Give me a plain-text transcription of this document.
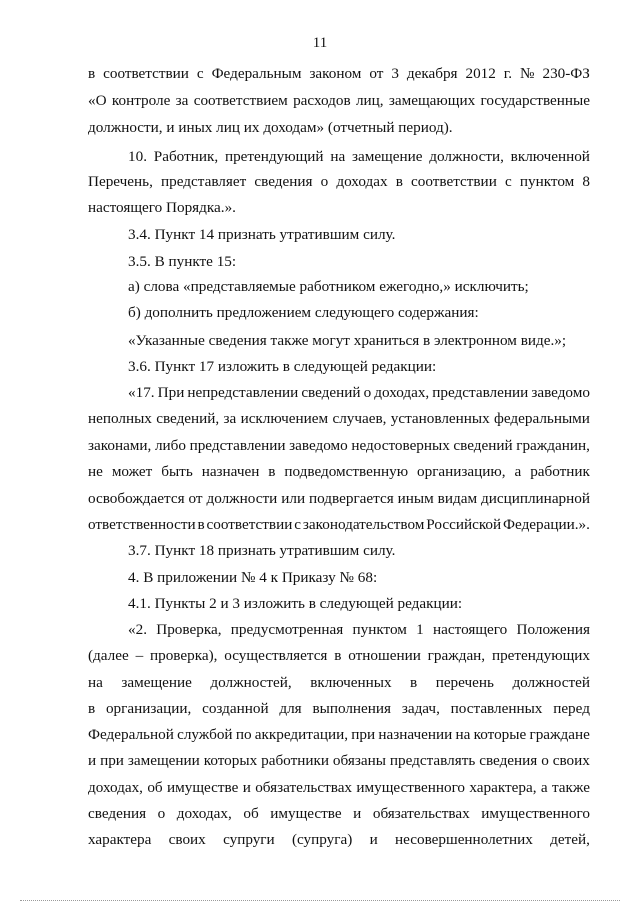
11
в соответствии с Федеральным законом от 3 декабря 2012 г. № 230-ФЗ
«О контроле за соответствием расходов лиц, замещающих государственные
должности, и иных лиц их доходам» (отчетный период).
10. Работник, претендующий на замещение должности, включенной
Перечень, представляет сведения о доходах в соответствии с пунктом 8
настоящего Порядка.».
3.4. Пункт 14 признать утратившим силу.
3.5. В пункте 15:
а) слова «представляемые работником ежегодно,» исключить;
б) дополнить предложением следующего содержания:
«Указанные сведения также могут храниться в электронном виде.»;
3.6. Пункт 17 изложить в следующей редакции:
«17. При непредставлении сведений о доходах, представлении заведомо
неполных сведений, за исключением случаев, установленных федеральными
законами, либо представлении заведомо недостоверных сведений гражданин,
не может быть назначен в подведомственную организацию, а работник
освобождается от должности или подвергается иным видам дисциплинарной
ответственности в соответствии с законодательством Российской Федерации.».
3.7. Пункт 18 признать утратившим силу.
4. В приложении № 4 к Приказу № 68:
4.1. Пункты 2 и 3 изложить в следующей редакции:
«2. Проверка, предусмотренная пунктом 1 настоящего Положения
(далее – проверка), осуществляется в отношении граждан, претендующих
на замещение должностей, включенных в перечень должностей
в организации, созданной для выполнения задач, поставленных перед
Федеральной службой по аккредитации, при назначении на которые граждане
и при замещении которых работники обязаны представлять сведения о своих
доходах, об имуществе и обязательствах имущественного характера, а также
сведения о доходах, об имуществе и обязательствах имущественного
характера своих супруги (супруга) и несовершеннолетних детей,
